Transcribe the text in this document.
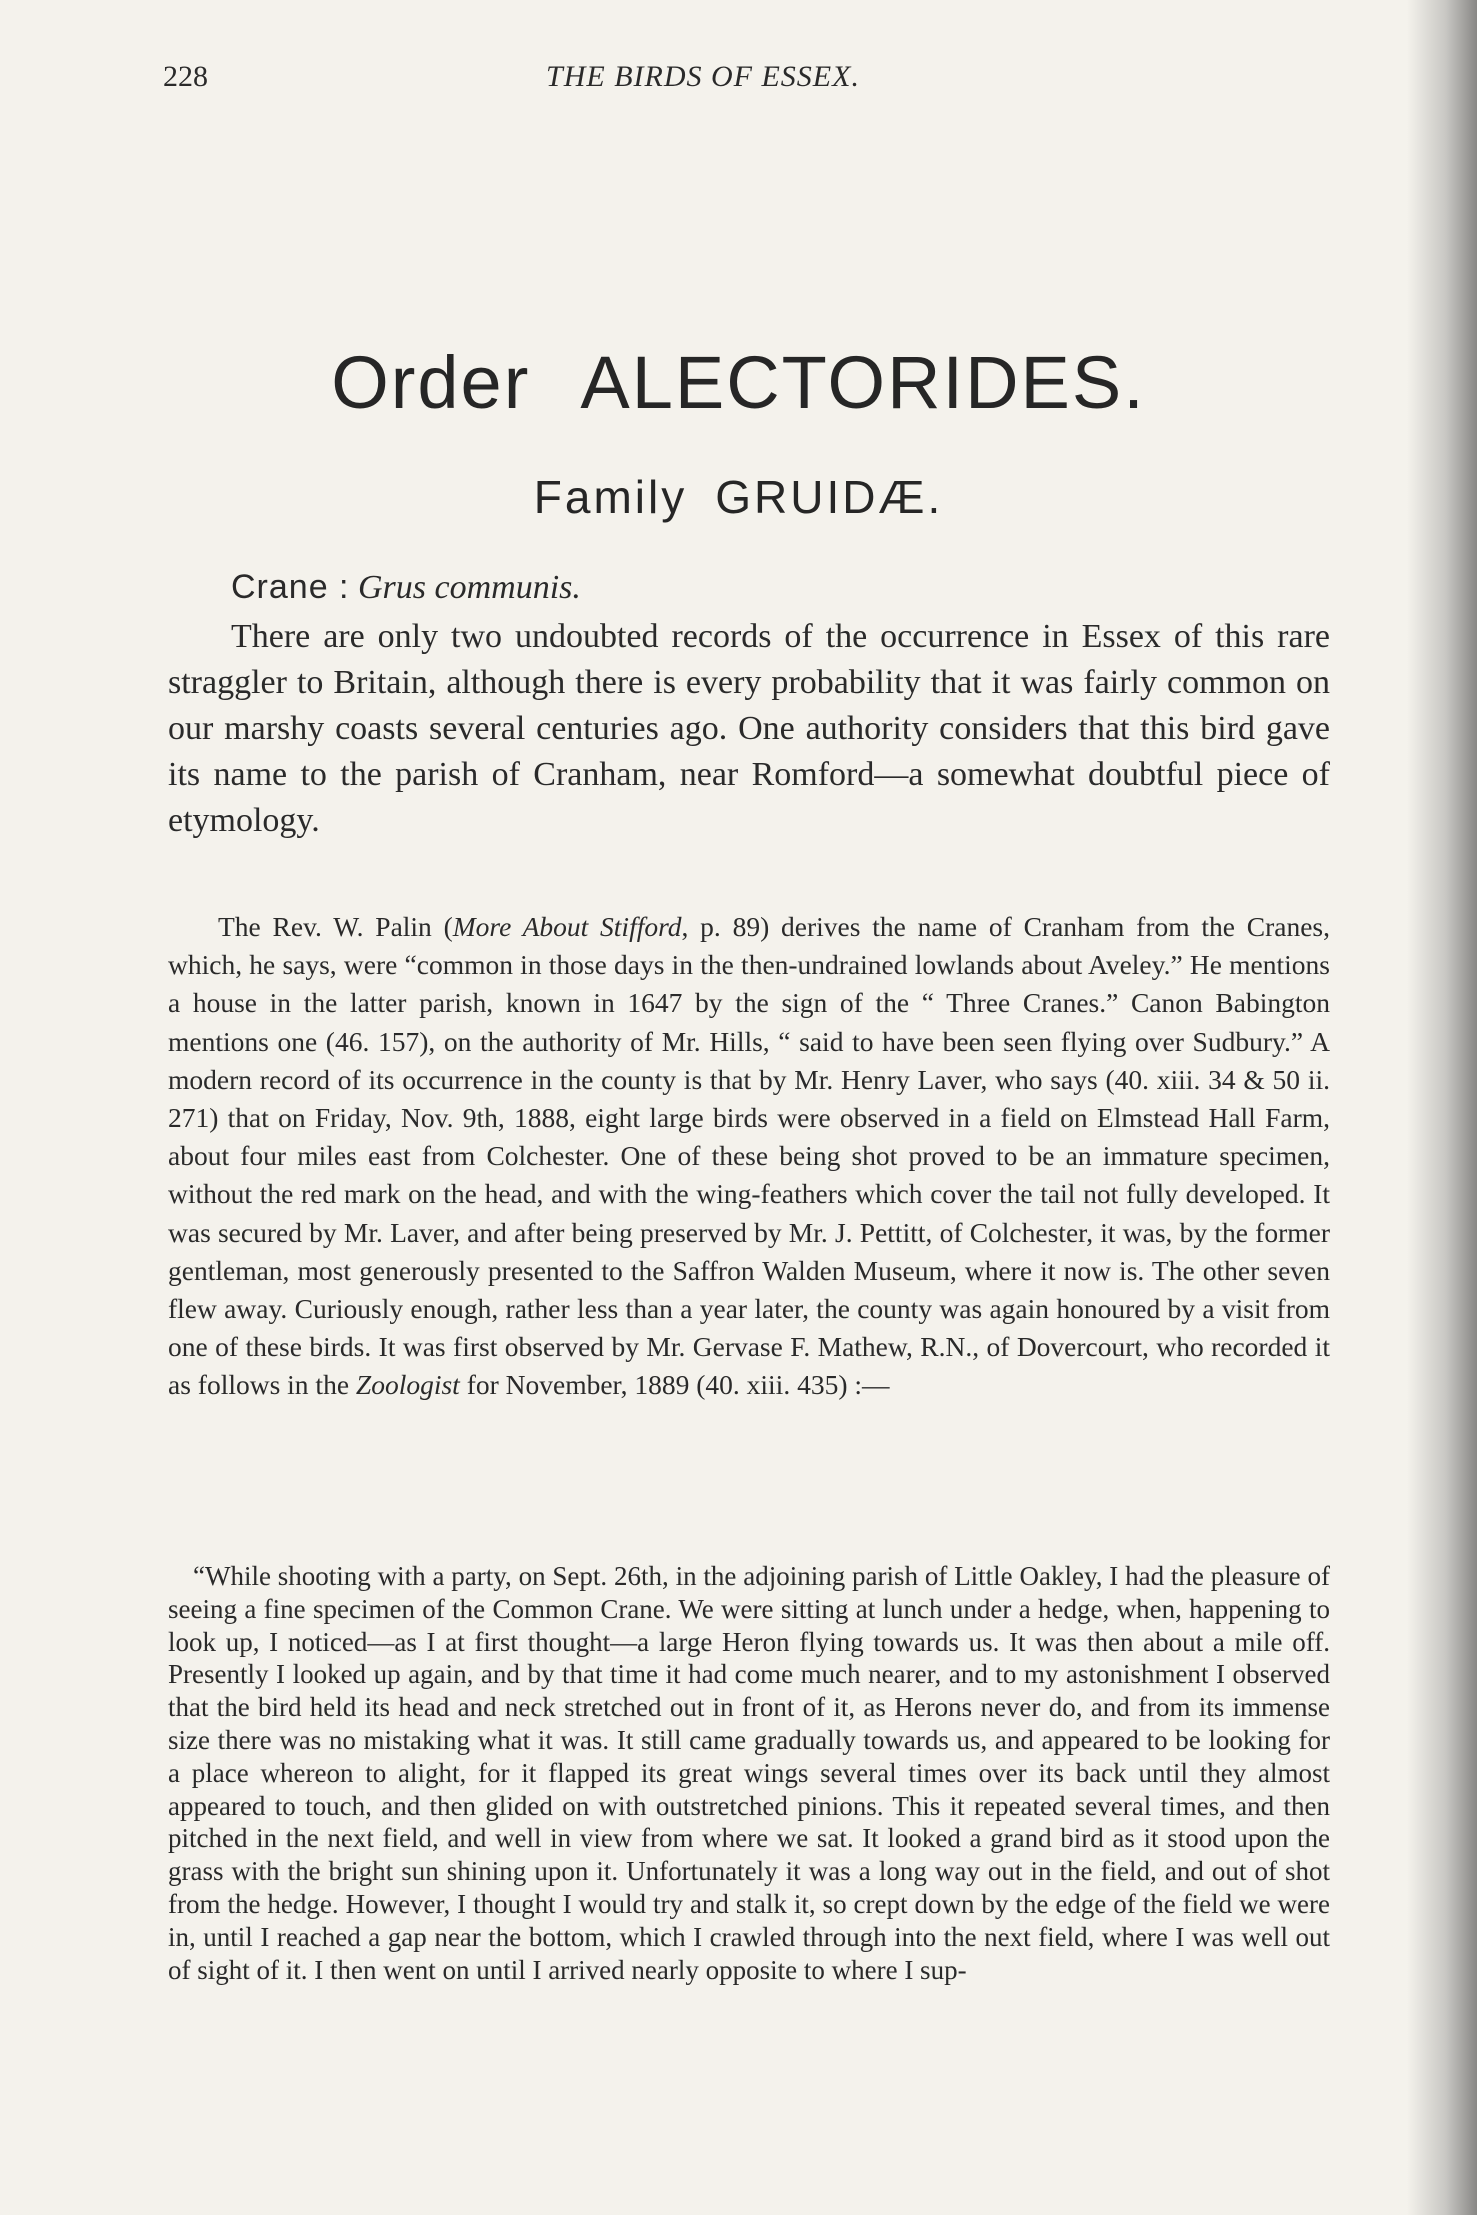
228	THE BIRDS OF ESSEX.
Order ALECTORIDES.
Family GRUIDÆ.
Crane : Grus communis.

There are only two undoubted records of the occurrence in Essex of this rare straggler to Britain, although there is every probability that it was fairly common on our marshy coasts several centuries ago. One authority considers that this bird gave its name to the parish of Cranham, near Romford—a somewhat doubtful piece of etymology.

The Rev. W. Palin (More About Stifford, p. 89) derives the name of Cranham from the Cranes, which, he says, were “common in those days in the then-undrained lowlands about Aveley.” He mentions a house in the latter parish, known in 1647 by the sign of the “ Three Cranes.” Canon Babington mentions one (46. 157), on the authority of Mr. Hills, “ said to have been seen flying over Sudbury.” A modern record of its occurrence in the county is that by Mr. Henry Laver, who says (40. xiii. 34 & 50 ii. 271) that on Friday, Nov. 9th, 1888, eight large birds were observed in a field on Elmstead Hall Farm, about four miles east from Colchester. One of these being shot proved to be an immature specimen, without the red mark on the head, and with the wing-feathers which cover the tail not fully developed. It was secured by Mr. Laver, and after being preserved by Mr. J. Pettitt, of Colchester, it was, by the former gentleman, most generously presented to the Saffron Walden Museum, where it now is. The other seven flew away. Curiously enough, rather less than a year later, the county was again honoured by a visit from one of these birds. It was first observed by Mr. Gervase F. Mathew, R.N., of Dovercourt, who recorded it as follows in the Zoologist for November, 1889 (40. xiii. 435) :—

“While shooting with a party, on Sept. 26th, in the adjoining parish of Little Oakley, I had the pleasure of seeing a fine specimen of the Common Crane. We were sitting at lunch under a hedge, when, happening to look up, I noticed—as I at first thought—a large Heron flying towards us. It was then about a mile off. Presently I looked up again, and by that time it had come much nearer, and to my astonishment I observed that the bird held its head and neck stretched out in front of it, as Herons never do, and from its immense size there was no mistaking what it was. It still came gradually towards us, and appeared to be looking for a place whereon to alight, for it flapped its great wings several times over its back until they almost appeared to touch, and then glided on with outstretched pinions. This it repeated several times, and then pitched in the next field, and well in view from where we sat. It looked a grand bird as it stood upon the grass with the bright sun shining upon it. Unfortunately it was a long way out in the field, and out of shot from the hedge. However, I thought I would try and stalk it, so crept down by the edge of the field we were in, until I reached a gap near the bottom, which I crawled through into the next field, where I was well out of sight of it. I then went on until I arrived nearly opposite to where I sup-
